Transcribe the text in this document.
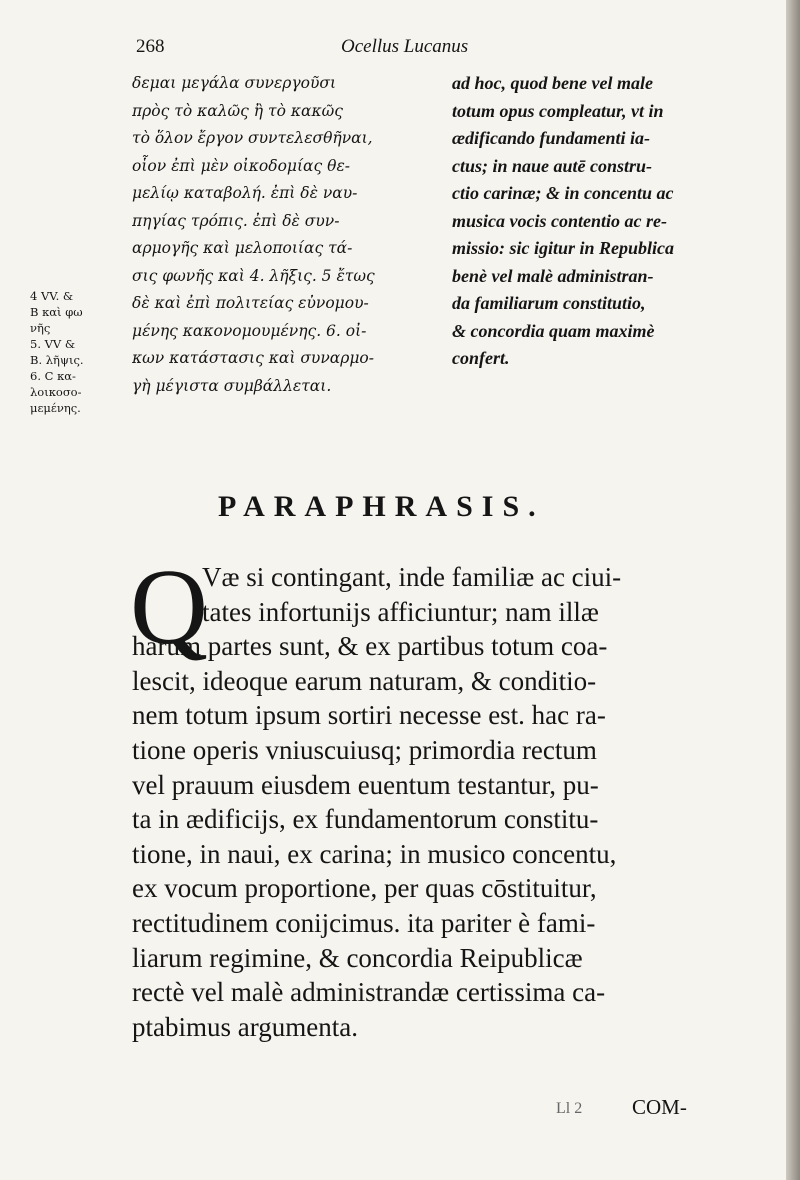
268	Ocellus Lucanus
δεμαι μεγάλα συνεργοῦσι
πρὸς τὸ καλῶς ἢ τὸ κακῶς
τὸ ὅλον ἔργον συντελεσθῆναι,
οἷον ἐπὶ μὲν οἰκοδομίας θε-
μελίῳ καταβολή. ἐπὶ δὲ ναυ-
πηγίας τρόπις. ἐπὶ δὲ συν-
αρμογῆς καὶ μελοποιίας τά-
σις φωνῆς καὶ 4. λῆξις. 5 ἔτως
δὲ καὶ ἐπὶ πολιτείας εὐνομου-
μένης κακονομουμένης. 6. οἰ-
κων κατάστασις καὶ συναρμο-
γὴ μέγιστα συμβάλλεται.
ad hoc, quod bene vel male
totum opus compleatur, vt in
ædificando fundamenti ia-
ctus; in naue autē constru-
ctio carinæ; & in concentu ac
musica vocis contentio ac re-
missio: sic igitur in Republica
benè vel malè administran-
da familiarum constitutio,
& concordia quam maximè
confert.
4 VV. &
B καὶ φω
νῆς
5. VV &
B. λῆψις.
6. C κα-
λοικοσο-
μεμένης.
PARAPHRASIS.
Q
Væ si contingant, inde familiæ ac ciui-
tates infortunijs afficiuntur; nam illæ
harum partes sunt, & ex partibus totum coa-
lescit, ideoque earum naturam, & conditio-
nem totum ipsum sortiri necesse est. hac ra-
tione operis vniuscuiusq; primordia rectum
vel prauum eiusdem euentum testantur, pu-
ta in ædificijs, ex fundamentorum constitu-
tione, in naui, ex carina; in musico concentu,
ex vocum proportione, per quas cōstituitur,
rectitudinem conijcimus. ita pariter è fami-
liarum regimine, & concordia Reipublicæ
rectè vel malè administrandæ certissima ca-
ptabimus argumenta.
Ll 2 COM-
